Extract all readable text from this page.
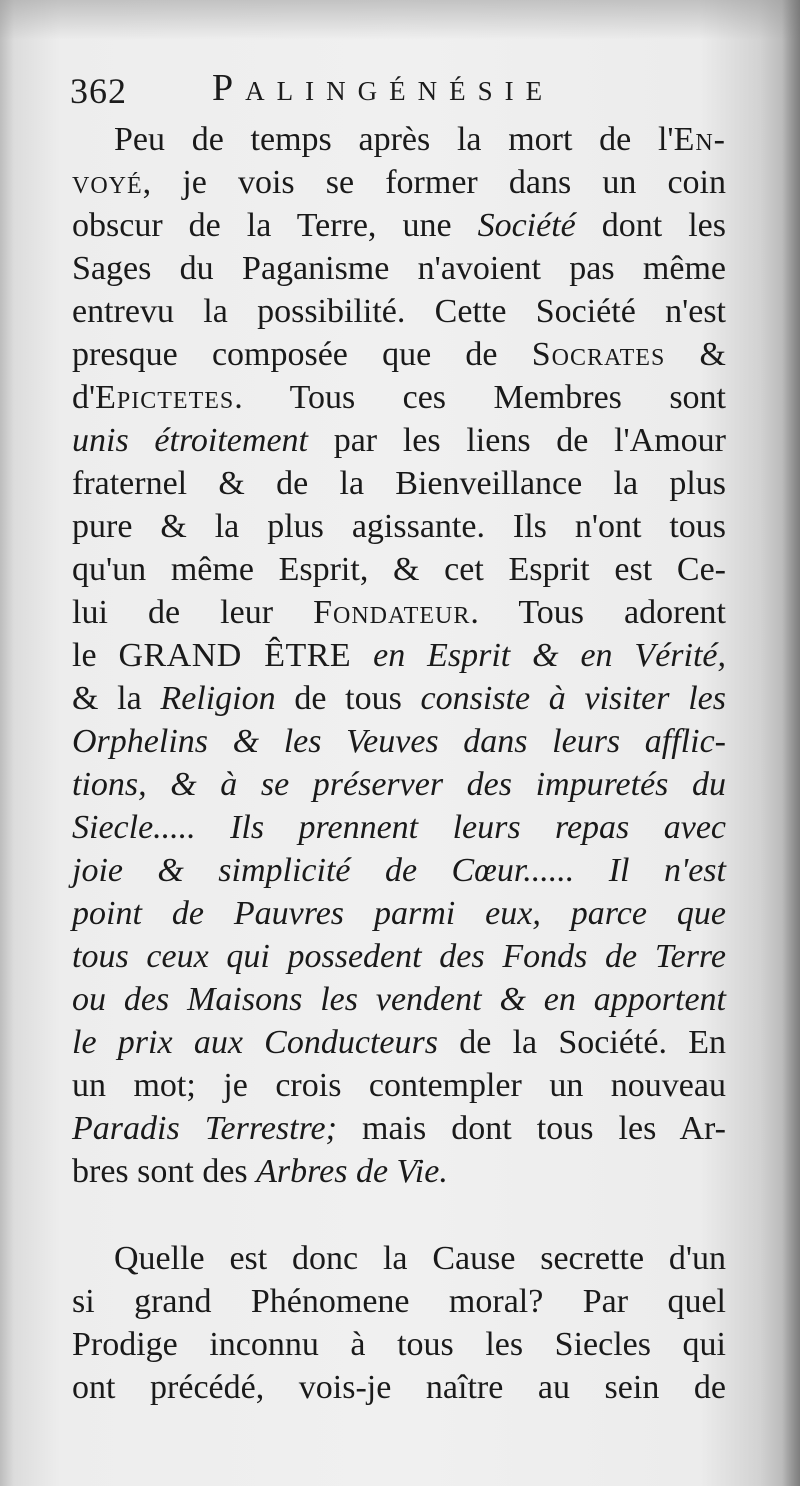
362 Palingénésie
Peu de temps après la mort de l'En-
voyé, je vois se former dans un coin
obscur de la Terre, une Société dont les
Sages du Paganisme n'avoient pas même
entrevu la possibilité. Cette Société n'est
presque composée que de Socrates &
d'Epictetes. Tous ces Membres sont
unis étroitement par les liens de l'Amour
fraternel & de la Bienveillance la plus
pure & la plus agissante. Ils n'ont tous
qu'un même Esprit, & cet Esprit est Ce-
lui de leur Fondateur. Tous adorent
le GRAND ÊTRE en Esprit & en Vérité,
& la Religion de tous consiste à visiter les
Orphelins & les Veuves dans leurs afflic-
tions, & à se préserver des impuretés du
Siecle..... Ils prennent leurs repas avec
joie & simplicité de Cœur...... Il n'est
point de Pauvres parmi eux, parce que
tous ceux qui possedent des Fonds de Terre
ou des Maisons les vendent & en apportent
le prix aux Conducteurs de la Société. En
un mot; je crois contempler un nouveau
Paradis Terrestre; mais dont tous les Ar-
bres sont des Arbres de Vie.
Quelle est donc la Cause secrette d'un
si grand Phénomene moral? Par quel
Prodige inconnu à tous les Siecles qui
ont précédé, vois-je naître au sein de
